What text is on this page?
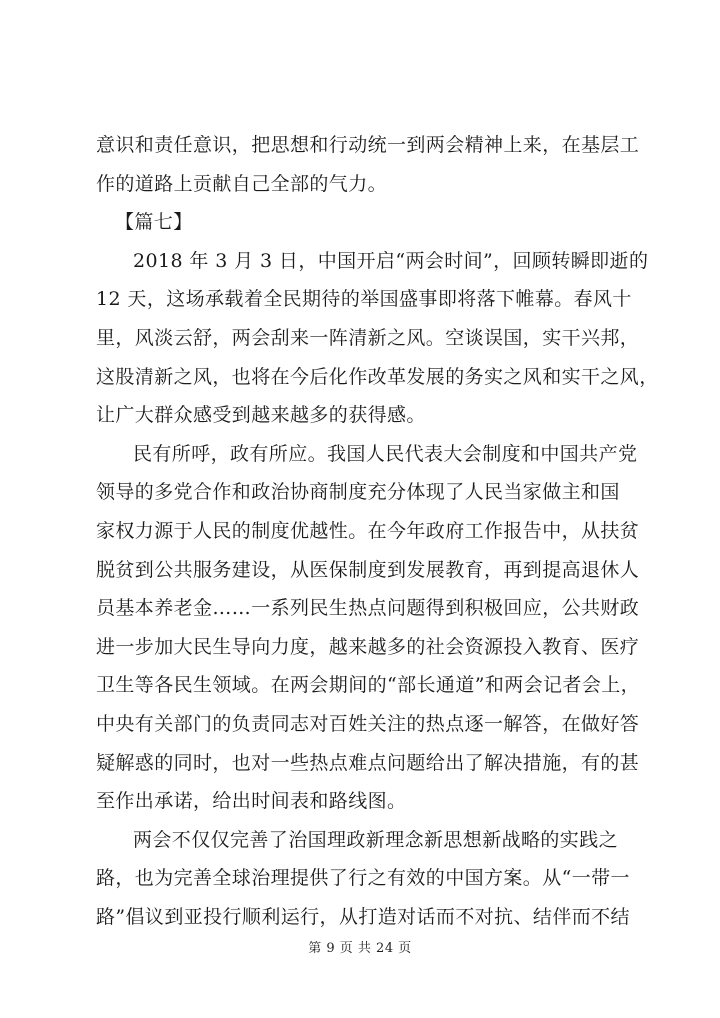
意识和责任意识，把思想和行动统一到两会精神上来，在基层工
作的道路上贡献自己全部的气力。
【篇七】
2018 年 3 月 3 日，中国开启“两会时间”，回顾转瞬即逝的
12 天，这场承载着全民期待的举国盛事即将落下帷幕。春风十
里，风淡云舒，两会刮来一阵清新之风。空谈误国，实干兴邦，
这股清新之风，也将在今后化作改革发展的务实之风和实干之风，
让广大群众感受到越来越多的获得感。
民有所呼，政有所应。我国人民代表大会制度和中国共产党
领导的多党合作和政治协商制度充分体现了人民当家做主和国
家权力源于人民的制度优越性。在今年政府工作报告中，从扶贫
脱贫到公共服务建设，从医保制度到发展教育，再到提高退休人
员基本养老金……一系列民生热点问题得到积极回应，公共财政
进一步加大民生导向力度，越来越多的社会资源投入教育、医疗
卫生等各民生领域。在两会期间的“部长通道”和两会记者会上，
中央有关部门的负责同志对百姓关注的热点逐一解答，在做好答
疑解惑的同时，也对一些热点难点问题给出了解决措施，有的甚
至作出承诺，给出时间表和路线图。
两会不仅仅完善了治国理政新理念新思想新战略的实践之
路，也为完善全球治理提供了行之有效的中国方案。从“一带一
路”倡议到亚投行顺利运行，从打造对话而不对抗、结伴而不结
第 9 页 共 24 页
